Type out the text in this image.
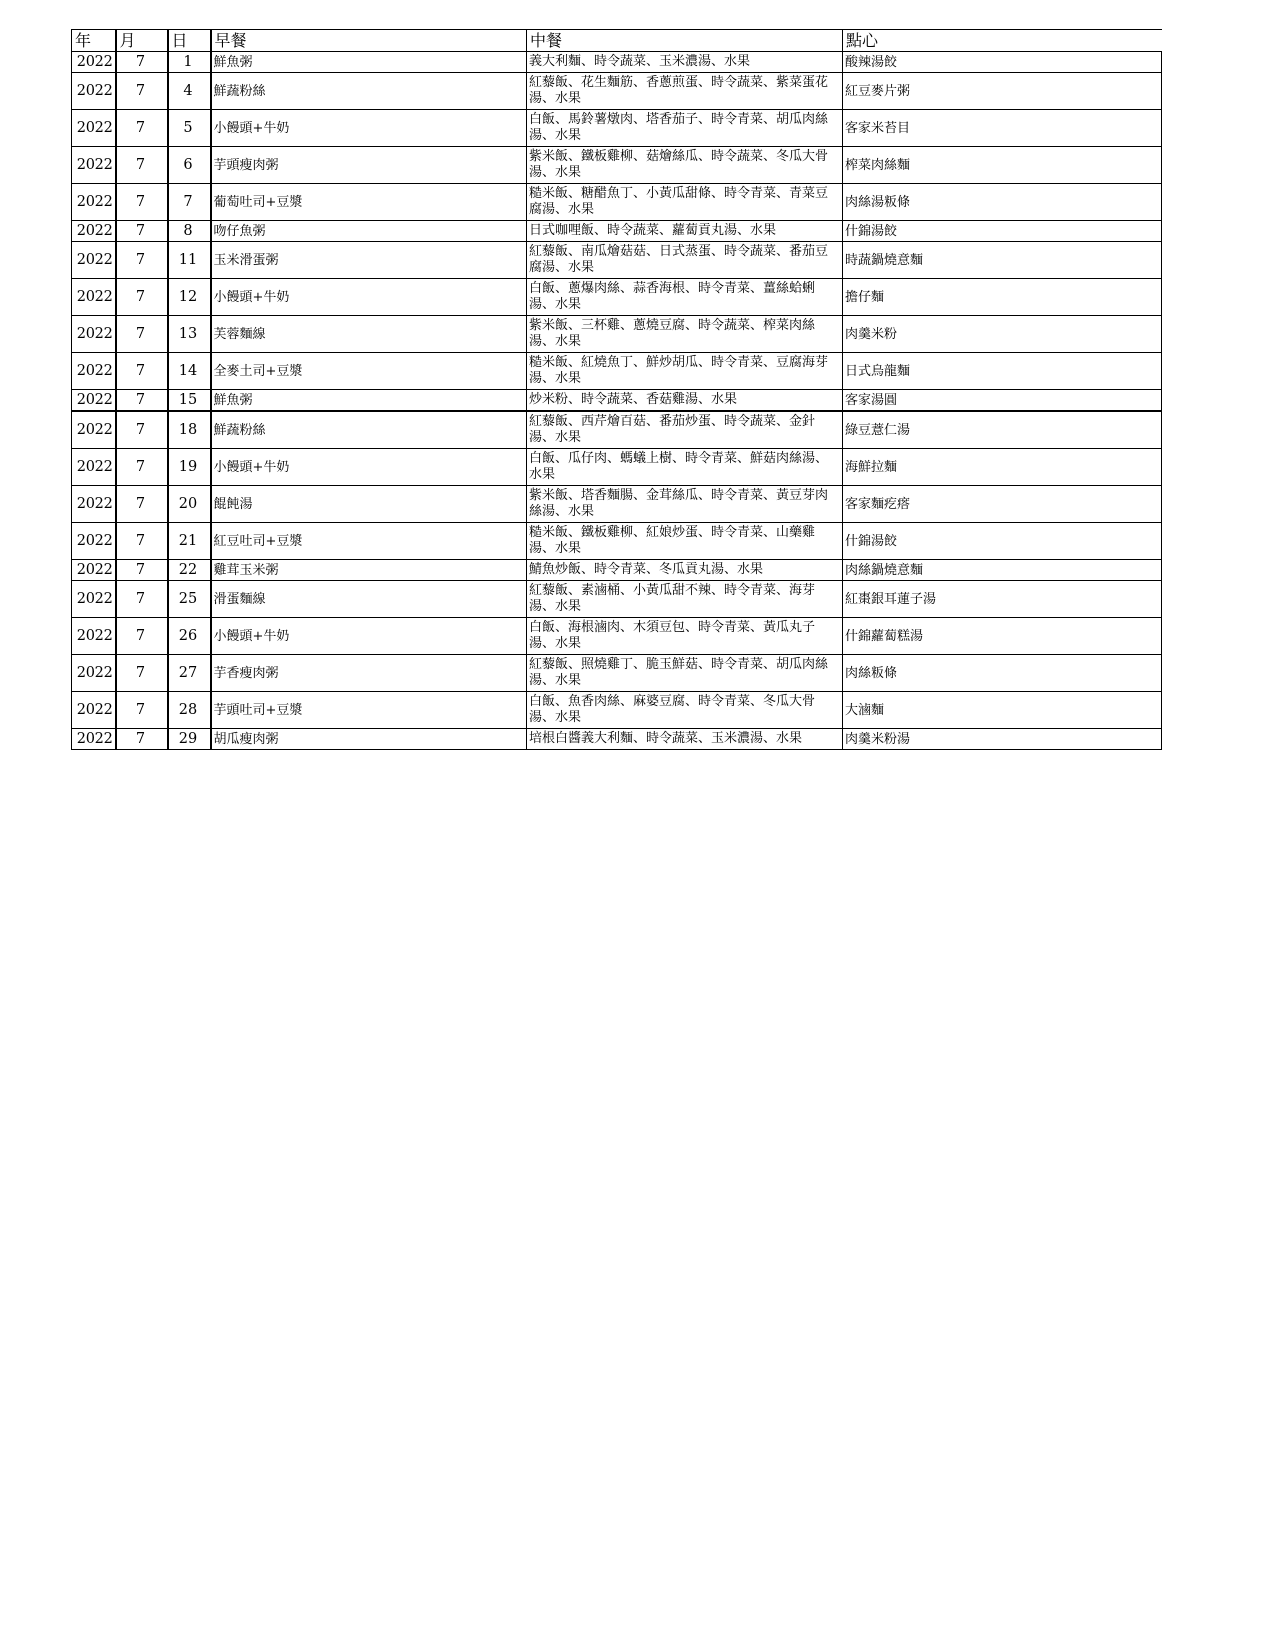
年	月	日	早餐	中餐	點心
2022	7	1	鮮魚粥	義大利麵、時令蔬菜、玉米濃湯、水果	酸辣湯餃
2022	7	4	鮮蔬粉絲	紅藜飯、花生麵筋、香蔥煎蛋、時令蔬菜、紫菜蛋花湯、水果	紅豆麥片粥
2022	7	5	小饅頭+牛奶	白飯、馬鈴薯燉肉、塔香茄子、時令青菜、胡瓜肉絲湯、水果	客家米苔目
2022	7	6	芋頭瘦肉粥	紫米飯、鐵板雞柳、菇燴絲瓜、時令蔬菜、冬瓜大骨湯、水果	榨菜肉絲麵
2022	7	7	葡萄吐司+豆漿	糙米飯、糖醋魚丁、小黃瓜甜條、時令青菜、青菜豆腐湯、水果	肉絲湯粄條
2022	7	8	吻仔魚粥	日式咖哩飯、時令蔬菜、蘿蔔貢丸湯、水果	什錦湯餃
2022	7	11	玉米滑蛋粥	紅藜飯、南瓜燴菇菇、日式蒸蛋、時令蔬菜、番茄豆腐湯、水果	時蔬鍋燒意麵
2022	7	12	小饅頭+牛奶	白飯、蔥爆肉絲、蒜香海根、時令青菜、薑絲蛤蜊湯、水果	擔仔麵
2022	7	13	芙蓉麵線	紫米飯、三杯雞、蔥燒豆腐、時令蔬菜、榨菜肉絲湯、水果	肉羹米粉
2022	7	14	全麥土司+豆漿	糙米飯、紅燒魚丁、鮮炒胡瓜、時令青菜、豆腐海芽湯、水果	日式烏龍麵
2022	7	15	鮮魚粥	炒米粉、時令蔬菜、香菇雞湯、水果	客家湯圓
2022	7	18	鮮蔬粉絲	紅藜飯、西芹燴百菇、番茄炒蛋、時令蔬菜、金針湯、水果	綠豆薏仁湯
2022	7	19	小饅頭+牛奶	白飯、瓜仔肉、螞蟻上樹、時令青菜、鮮菇肉絲湯、水果	海鮮拉麵
2022	7	20	餛飩湯	紫米飯、塔香麵腸、金茸絲瓜、時令青菜、黃豆芽肉絲湯、水果	客家麵疙瘩
2022	7	21	紅豆吐司+豆漿	糙米飯、鐵板雞柳、紅娘炒蛋、時令青菜、山藥雞湯、水果	什錦湯餃
2022	7	22	雞茸玉米粥	鯖魚炒飯、時令青菜、冬瓜貢丸湯、水果	肉絲鍋燒意麵
2022	7	25	滑蛋麵線	紅藜飯、素滷桶、小黃瓜甜不辣、時令青菜、海芽湯、水果	紅棗銀耳蓮子湯
2022	7	26	小饅頭+牛奶	白飯、海根滷肉、木須豆包、時令青菜、黃瓜丸子湯、水果	什錦蘿蔔糕湯
2022	7	27	芋香瘦肉粥	紅藜飯、照燒雞丁、脆玉鮮菇、時令青菜、胡瓜肉絲湯、水果	肉絲粄條
2022	7	28	芋頭吐司+豆漿	白飯、魚香肉絲、麻婆豆腐、時令青菜、冬瓜大骨湯、水果	大滷麵
2022	7	29	胡瓜瘦肉粥	培根白醬義大利麵、時令蔬菜、玉米濃湯、水果	肉羹米粉湯
